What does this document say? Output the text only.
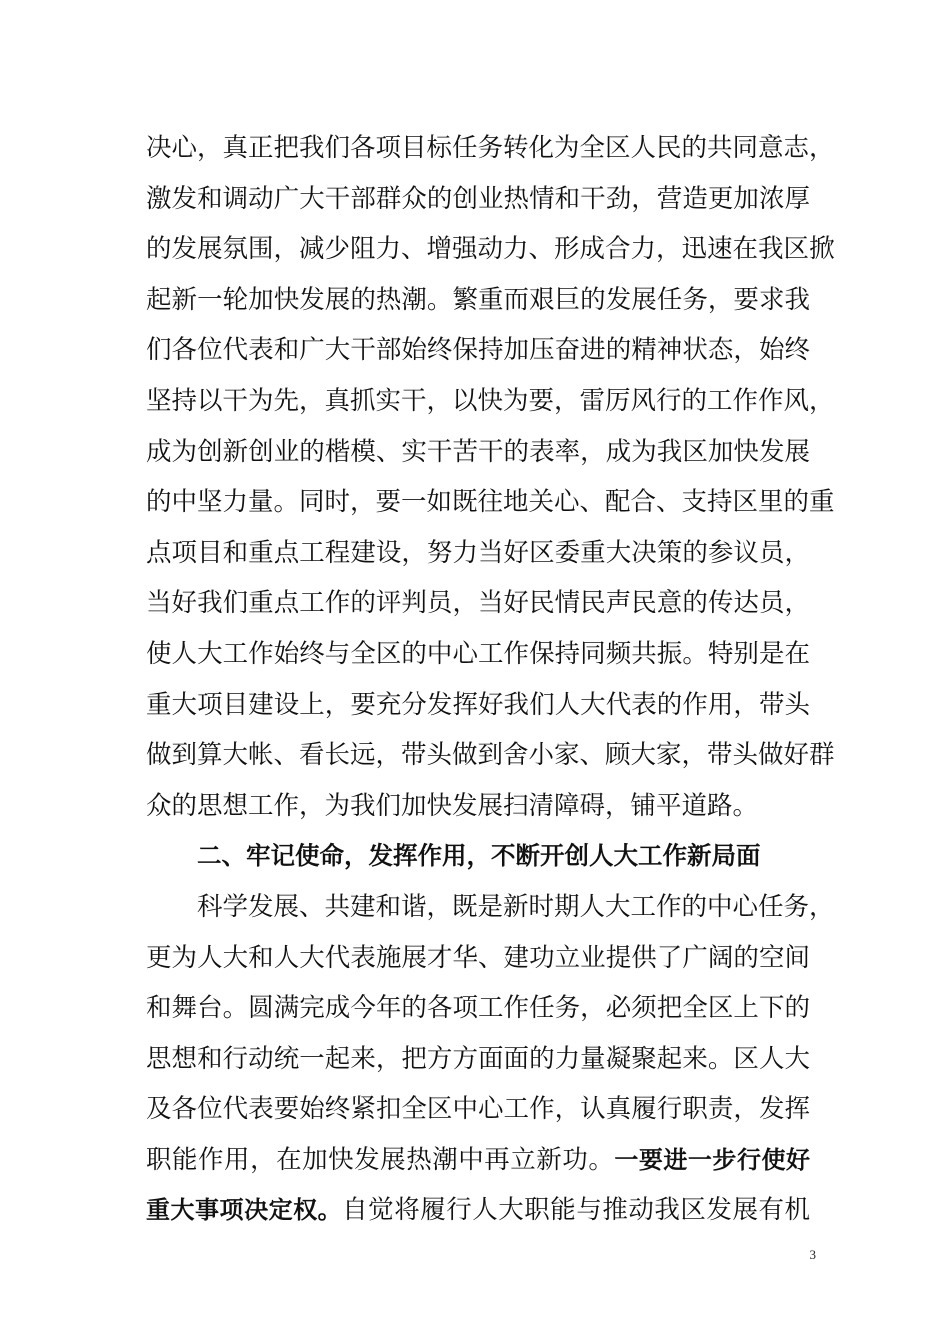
决心，真正把我们各项目标任务转化为全区人民的共同意志，
激发和调动广大干部群众的创业热情和干劲，营造更加浓厚
的发展氛围，减少阻力、增强动力、形成合力，迅速在我区掀
起新一轮加快发展的热潮。繁重而艰巨的发展任务，要求我
们各位代表和广大干部始终保持加压奋进的精神状态，始终
坚持以干为先，真抓实干，以快为要，雷厉风行的工作作风，
成为创新创业的楷模、实干苦干的表率，成为我区加快发展
的中坚力量。同时，要一如既往地关心、配合、支持区里的重
点项目和重点工程建设，努力当好区委重大决策的参议员，
当好我们重点工作的评判员，当好民情民声民意的传达员，
使人大工作始终与全区的中心工作保持同频共振。特别是在
重大项目建设上，要充分发挥好我们人大代表的作用，带头
做到算大帐、看长远，带头做到舍小家、顾大家，带头做好群
众的思想工作，为我们加快发展扫清障碍，铺平道路。
二、牢记使命，发挥作用，不断开创人大工作新局面
科学发展、共建和谐，既是新时期人大工作的中心任务，
更为人大和人大代表施展才华、建功立业提供了广阔的空间
和舞台。圆满完成今年的各项工作任务，必须把全区上下的
思想和行动统一起来，把方方面面的力量凝聚起来。区人大
及各位代表要始终紧扣全区中心工作，认真履行职责，发挥
职能作用，在加快发展热潮中再立新功。一要进一步行使好
重大事项决定权。自觉将履行人大职能与推动我区发展有机
3
